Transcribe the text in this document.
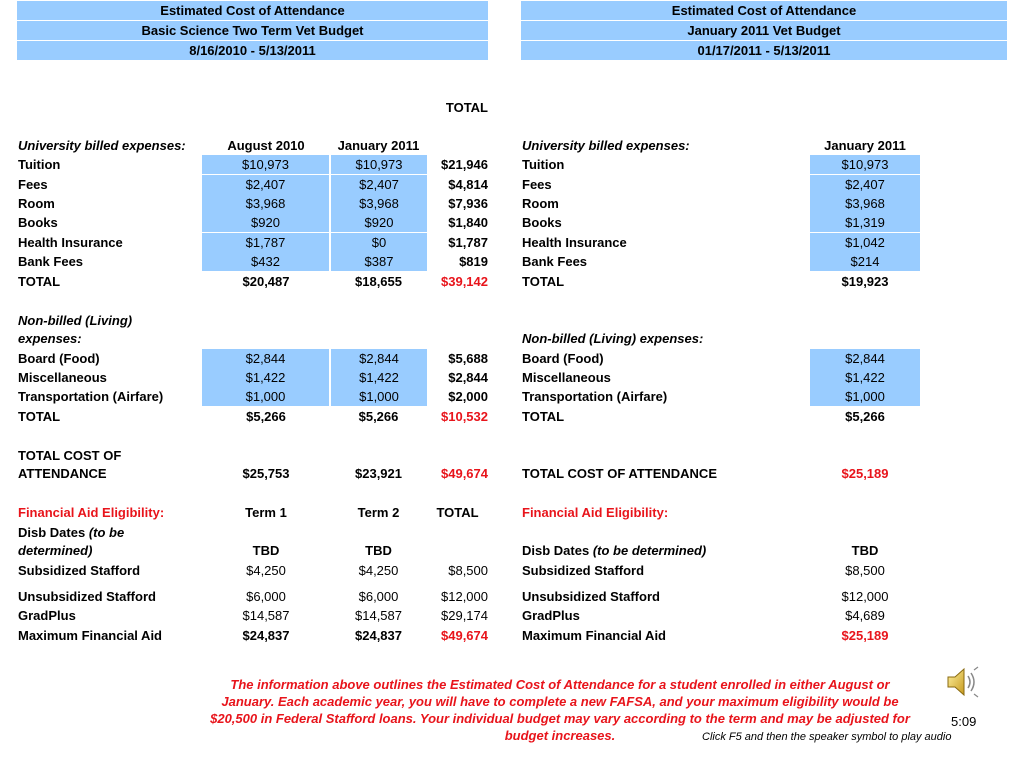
Estimated Cost of Attendance
Basic Science Two Term Vet Budget
8/16/2010 - 5/13/2011
Estimated Cost of Attendance
January 2011 Vet Budget
01/17/2011 - 5/13/2011
TOTAL
University billed expenses:	August 2010	January 2011	University billed expenses:	January 2011
Non-billed (Living) expenses:	Non-billed (Living) expenses:
TOTAL COST OF ATTENDANCE	$25,753	$23,921	$49,674	TOTAL COST OF ATTENDANCE	$25,189
Financial Aid Eligibility:	Term 1	Term 2	TOTAL	Financial Aid Eligibility:
Disb Dates (to be determined)	TBD	TBD	Disb Dates (to be determined)	TBD
The information above outlines the Estimated Cost of Attendance for a student enrolled in either August or January. Each academic year, you will have to complete a new FAFSA, and your maximum eligibility would be $20,500 in Federal Stafford loans. Your individual budget may vary according to the term and may be adjusted for budget increases.
5:09
Click F5 and then the speaker symbol to play audio
Tuition	$10,973	$10,973	$21,946
Fees	$2,407	$2,407	$4,814
Room	$3,968	$3,968	$7,936
Books	$920	$920	$1,840
Health Insurance	$1,787	$0	$1,787
Bank Fees	$432	$387	$819
TOTAL	$20,487	$18,655	$39,142
Tuition	$10,973
Fees	$2,407
Room	$3,968
Books	$1,319
Health Insurance	$1,042
Bank Fees	$214
TOTAL	$19,923
Board (Food)	$2,844	$2,844	$5,688
Miscellaneous	$1,422	$1,422	$2,844
Transportation (Airfare)	$1,000	$1,000	$2,000
TOTAL	$5,266	$5,266	$10,532
Board (Food)	$2,844
Miscellaneous	$1,422
Transportation (Airfare)	$1,000
TOTAL	$5,266
Subsidized Stafford	$4,250	$4,250	$8,500
Unsubsidized Stafford	$6,000	$6,000	$12,000
GradPlus	$14,587	$14,587	$29,174
Maximum Financial Aid	$24,837	$24,837	$49,674
Subsidized Stafford	$8,500
Unsubsidized Stafford	$12,000
GradPlus	$4,689
Maximum Financial Aid	$25,189
